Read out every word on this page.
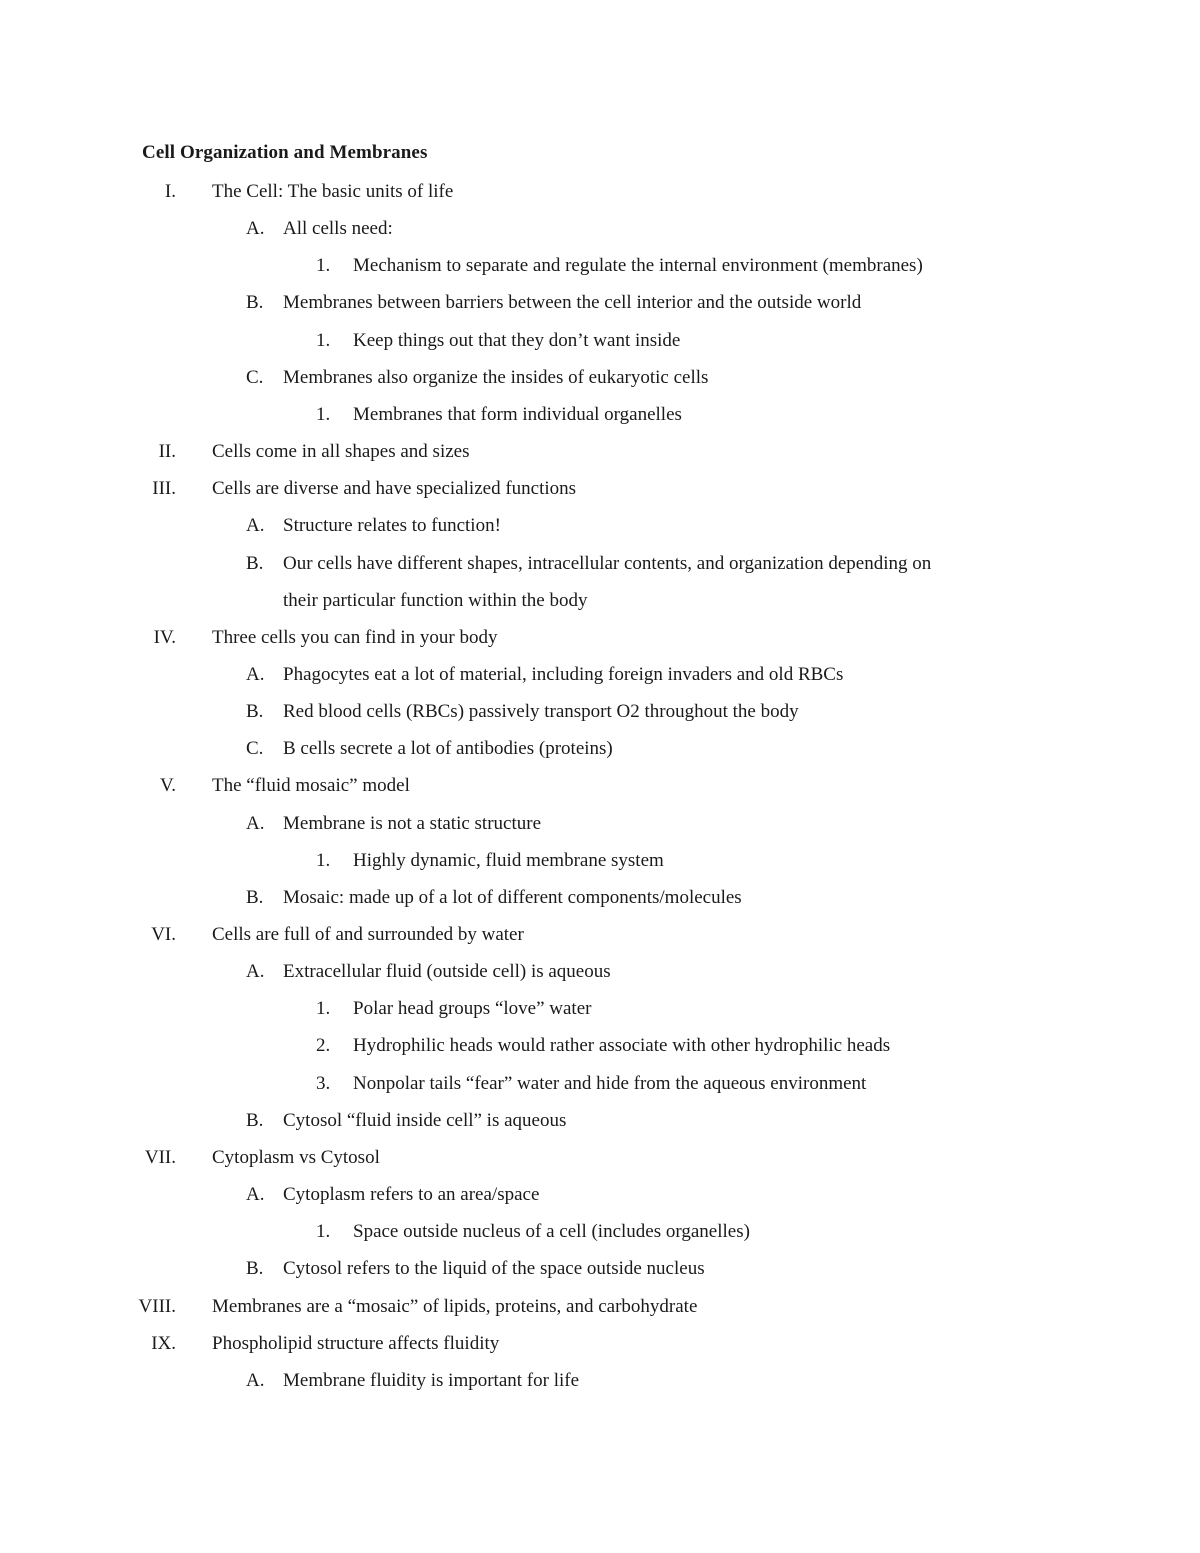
Cell Organization and Membranes
I. The Cell: The basic units of life
A. All cells need:
1. Mechanism to separate and regulate the internal environment (membranes)
B. Membranes between barriers between the cell interior and the outside world
1. Keep things out that they don’t want inside
C. Membranes also organize the insides of eukaryotic cells
1. Membranes that form individual organelles
II. Cells come in all shapes and sizes
III. Cells are diverse and have specialized functions
A. Structure relates to function!
B. Our cells have different shapes, intracellular contents, and organization depending on
their particular function within the body
IV. Three cells you can find in your body
A. Phagocytes eat a lot of material, including foreign invaders and old RBCs
B. Red blood cells (RBCs) passively transport O2 throughout the body
C. B cells secrete a lot of antibodies (proteins)
V. The “fluid mosaic” model
A. Membrane is not a static structure
1. Highly dynamic, fluid membrane system
B. Mosaic: made up of a lot of different components/molecules
VI. Cells are full of and surrounded by water
A. Extracellular fluid (outside cell) is aqueous
1. Polar head groups “love” water
2. Hydrophilic heads would rather associate with other hydrophilic heads
3. Nonpolar tails “fear” water and hide from the aqueous environment
B. Cytosol “fluid inside cell” is aqueous
VII. Cytoplasm vs Cytosol
A. Cytoplasm refers to an area/space
1. Space outside nucleus of a cell (includes organelles)
B. Cytosol refers to the liquid of the space outside nucleus
VIII. Membranes are a “mosaic” of lipids, proteins, and carbohydrate
IX. Phospholipid structure affects fluidity
A. Membrane fluidity is important for life
